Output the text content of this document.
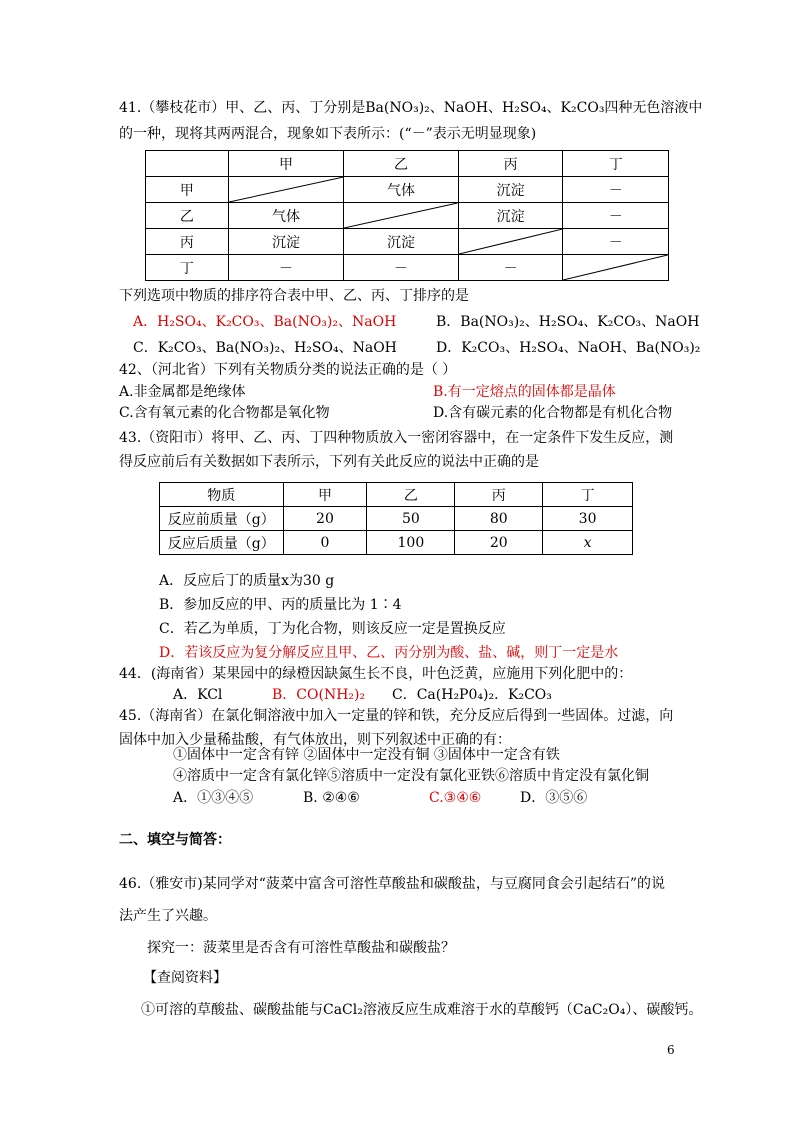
41.（攀枝花市）甲、乙、丙、丁分别是Ba(NO₃)₂、NaOH、H₂SO₄、K₂CO₃四种无色溶液中
的一种，现将其两两混合，现象如下表所示：(“－”表示无明显现象)
	甲	乙	丙	丁
甲		气体	沉淀	－
乙	气体		沉淀	－
丙	沉淀	沉淀		－
丁	－	－	－	
下列选项中物质的排序符合表中甲、乙、丙、丁排序的是
A．H₂SO₄、K₂CO₃、Ba(NO₃)₂、NaOH	B．Ba(NO₃)₂、H₂SO₄、K₂CO₃、NaOH
C．K₂CO₃、Ba(NO₃)₂、H₂SO₄、NaOH	D．K₂CO₃、H₂SO₄、NaOH、Ba(NO₃)₂
42、（河北省）下列有关物质分类的说法正确的是（ ）
A.非金属都是绝缘体	B.有一定熔点的固体都是晶体
C.含有氧元素的化合物都是氧化物	D.含有碳元素的化合物都是有机化合物
43.（资阳市）将甲、乙、丙、丁四种物质放入一密闭容器中，在一定条件下发生反应，测
得反应前后有关数据如下表所示，下列有关此反应的说法中正确的是
物质	甲	乙	丙	丁
反应前质量（g）	20	50	80	30
反应后质量（g）	0	100	20	x
A．反应后丁的质量x为30 g
B．参加反应的甲、丙的质量比为 1∶4
C．若乙为单质，丁为化合物，则该反应一定是置换反应
D．若该反应为复分解反应且甲、乙、丙分别为酸、盐、碱，则丁一定是水
44．(海南省）某果园中的绿橙因缺氮生长不良，叶色泛黄，应施用下列化肥中的：
A．KCl	B．CO(NH₂)₂ C．Ca(H₂P0₄)₂． K₂CO₃
45.（海南省）在氯化铜溶液中加入一定量的锌和铁，充分反应后得到一些固体。过滤，向
固体中加入少量稀盐酸，有气体放出，则下列叙述中正确的有：
①固体中一定含有锌 ②固体中一定没有铜 ③固体中一定含有铁
④溶质中一定含有氯化锌⑤溶质中一定没有氯化亚铁⑥溶质中肯定没有氯化铜
A．①③④⑤	B. ②④⑥	C.③④⑥	D．③⑤⑥
二、填空与简答：
46.（雅安市)某同学对“菠菜中富含可溶性草酸盐和碳酸盐，与豆腐同食会引起结石”的说
法产生了兴趣。
探究一：菠菜里是否含有可溶性草酸盐和碳酸盐？
【查阅资料】
①可溶的草酸盐、碳酸盐能与CaCl₂溶液反应生成难溶于水的草酸钙（CaC₂O₄）、碳酸钙。
6
